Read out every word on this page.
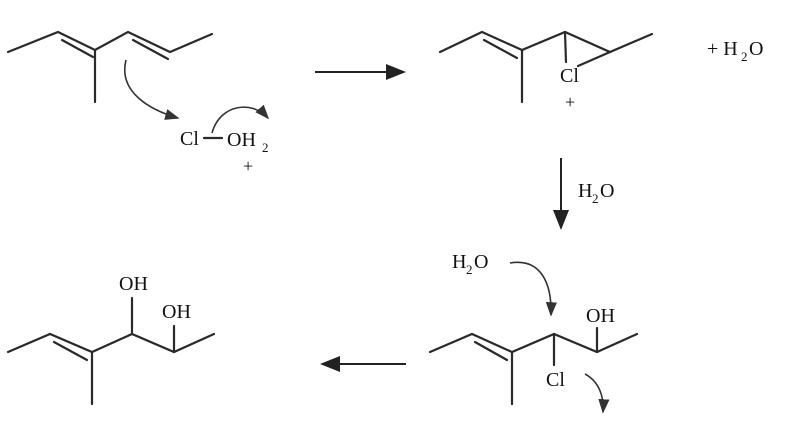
Cl OH 2
+
Cl
+
+ H 2 O
H 2 O
H 2 O
OH
Cl
OH
OH
